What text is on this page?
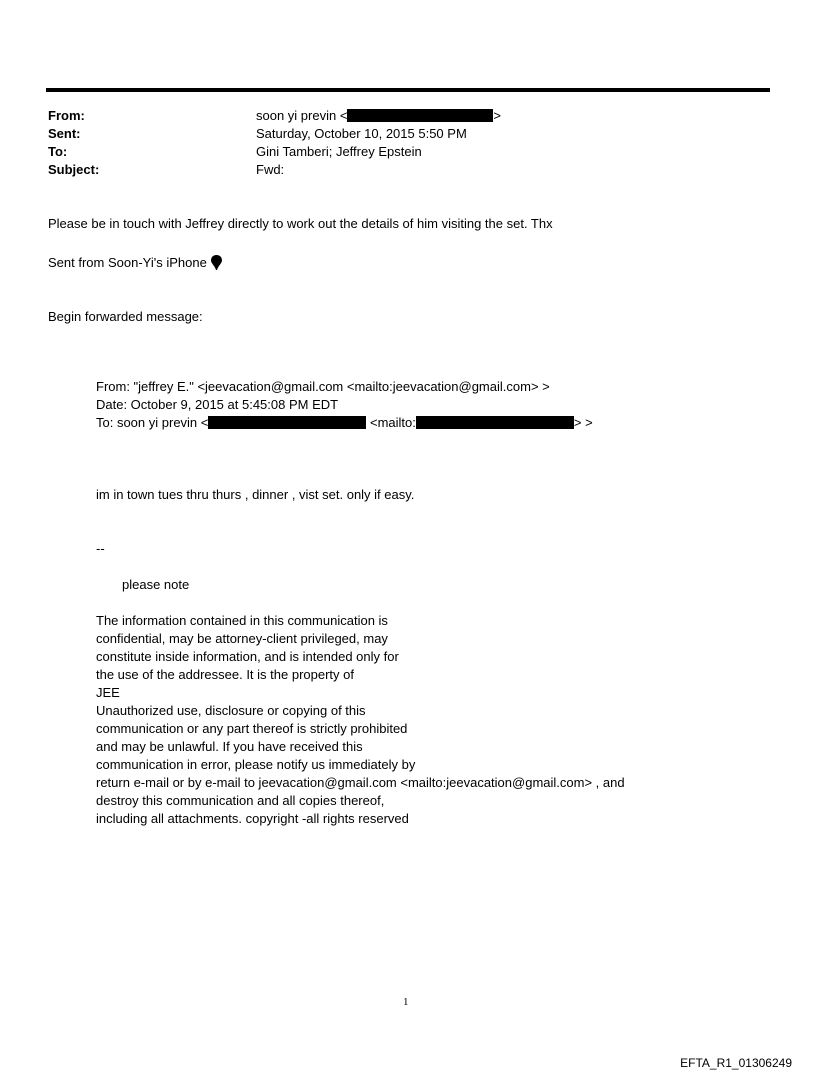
From:	soon yi previn <	>
Sent:	Saturday, October 10, 2015 5:50 PM
To:	Gini Tamberi; Jeffrey Epstein
Subject:	Fwd:
Please be in touch with Jeffrey directly to work out the details of him visiting the set. Thx
Sent from Soon-Yi's iPhone
Begin forwarded message:
From: "jeffrey E." <jeevacation@gmail.com <mailto:jeevacation@gmail.com> >
Date: October 9, 2015 at 5:45:08 PM EDT
To: soon yi previn <	<mailto:	> >
im in town tues thru thurs , dinner , vist set. only if easy.
--
please note
The information contained in this communication is
confidential, may be attorney-client privileged, may
constitute inside information, and is intended only for
the use of the addressee. It is the property of
JEE
Unauthorized use, disclosure or copying of this
communication or any part thereof is strictly prohibited
and may be unlawful. If you have received this
communication in error, please notify us immediately by
return e-mail or by e-mail to jeevacation@gmail.com <mailto:jeevacation@gmail.com> , and
destroy this communication and all copies thereof,
including all attachments. copyright -all rights reserved
1
EFTA_R1_01306249
